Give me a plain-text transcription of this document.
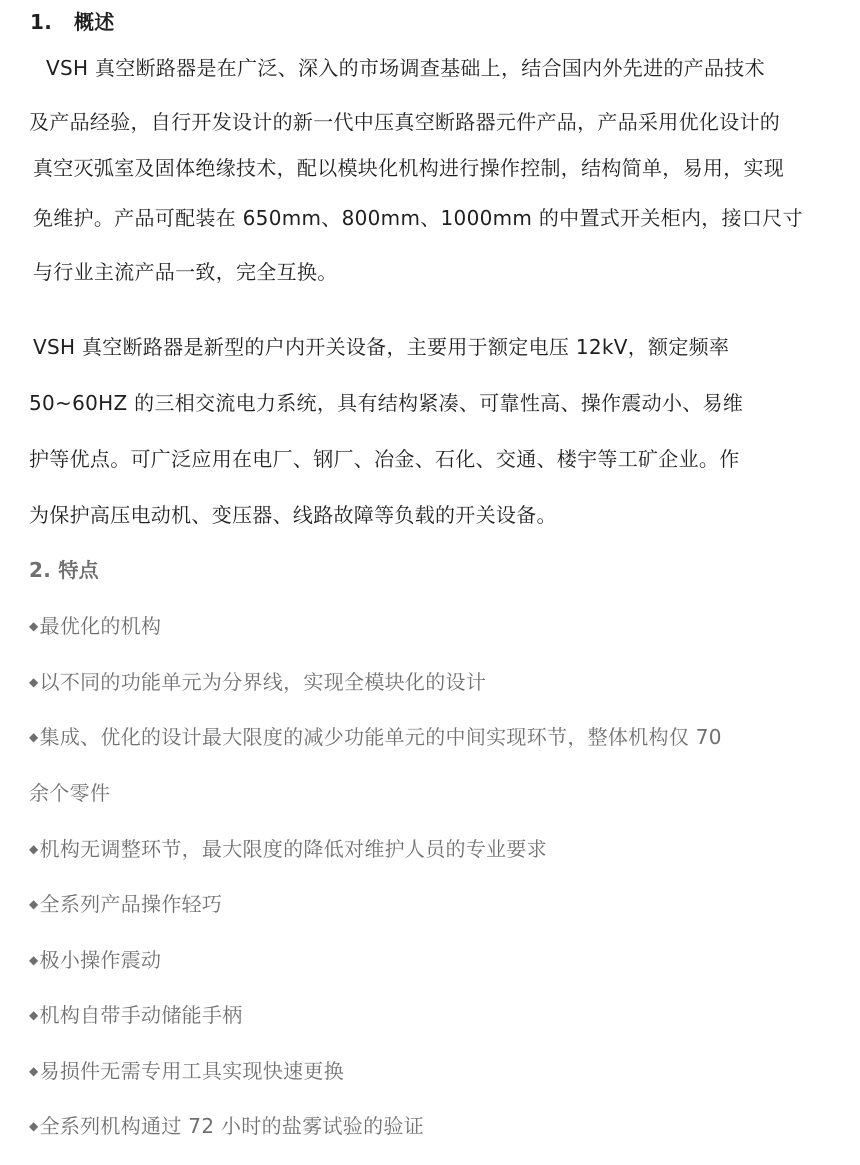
1. 概述
VSH 真空断路器是在广泛、深入的市场调查基础上，结合国内外先进的产品技术
及产品经验，自行开发设计的新一代中压真空断路器元件产品，产品采用优化设计的
真空灭弧室及固体绝缘技术，配以模块化机构进行操作控制，结构简单，易用，实现
免维护。产品可配装在 650mm、800mm、1000mm 的中置式开关柜内，接口尺寸
与行业主流产品一致，完全互换。
VSH 真空断路器是新型的户内开关设备，主要用于额定电压 12kV，额定频率
50~60HZ 的三相交流电力系统，具有结构紧凑、可靠性高、操作震动小、易维
护等优点。可广泛应用在电厂、钢厂、冶金、石化、交通、楼宇等工矿企业。作
为保护高压电动机、变压器、线路故障等负载的开关设备。
2. 特点
◆最优化的机构
◆以不同的功能单元为分界线，实现全模块化的设计
◆集成、优化的设计最大限度的减少功能单元的中间实现环节，整体机构仅 70
余个零件
◆机构无调整环节，最大限度的降低对维护人员的专业要求
◆全系列产品操作轻巧
◆极小操作震动
◆机构自带手动储能手柄
◆易损件无需专用工具实现快速更换
◆全系列机构通过 72 小时的盐雾试验的验证
